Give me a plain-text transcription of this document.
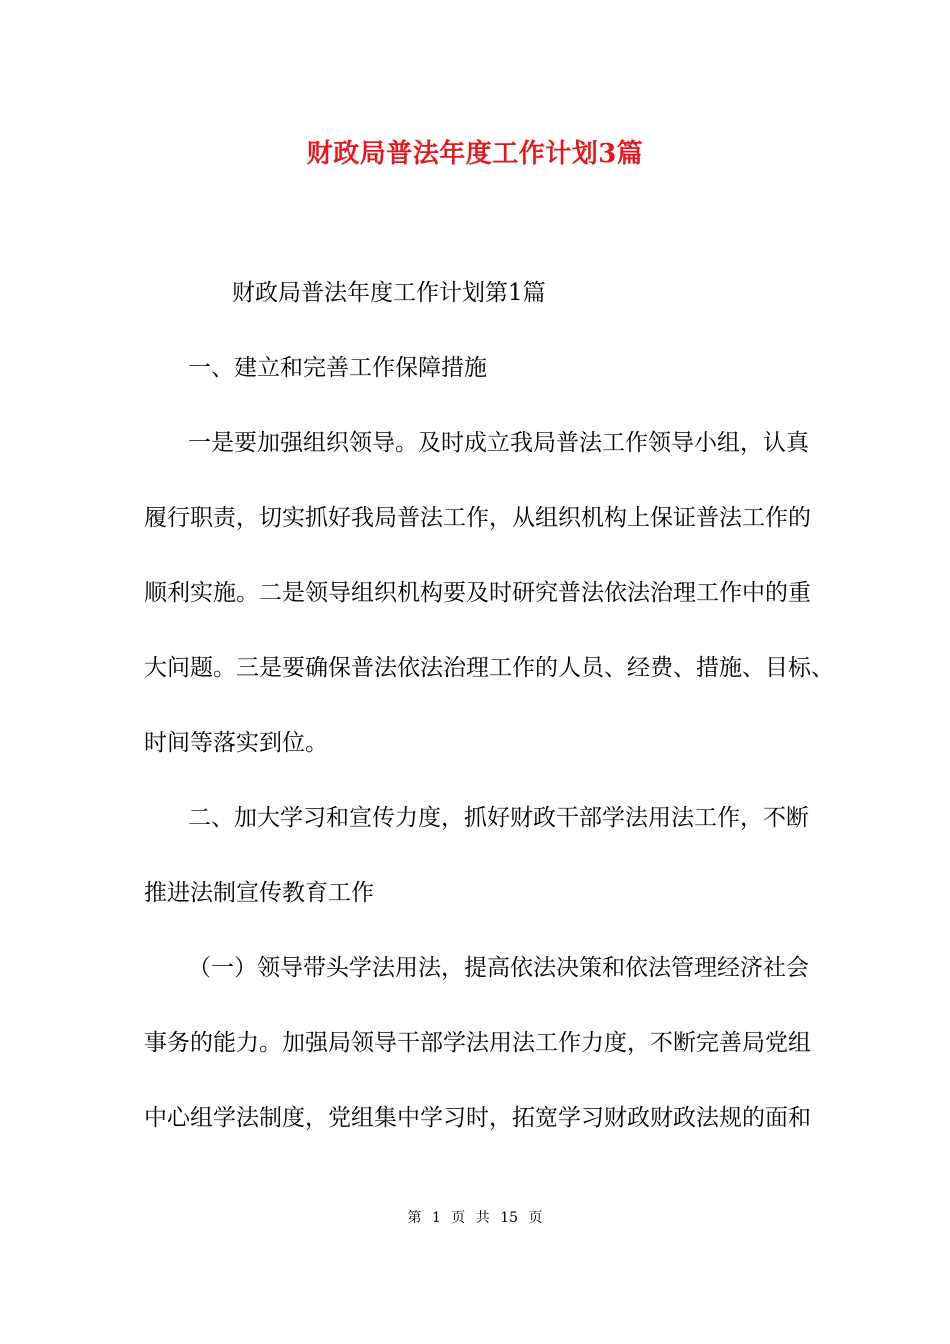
财政局普法年度工作计划3篇
财政局普法年度工作计划第1篇
一、建立和完善工作保障措施
一是要加强组织领导。及时成立我局普法工作领导小组，认真
履行职责，切实抓好我局普法工作，从组织机构上保证普法工作的
顺利实施。二是领导组织机构要及时研究普法依法治理工作中的重
大问题。三是要确保普法依法治理工作的人员、经费、措施、目标、
时间等落实到位。
二、加大学习和宣传力度，抓好财政干部学法用法工作，不断
推进法制宣传教育工作
（一）领导带头学法用法，提高依法决策和依法管理经济社会
事务的能力。加强局领导干部学法用法工作力度，不断完善局党组
中心组学法制度，党组集中学习时，拓宽学习财政财政法规的面和
第 1 页 共 15 页
